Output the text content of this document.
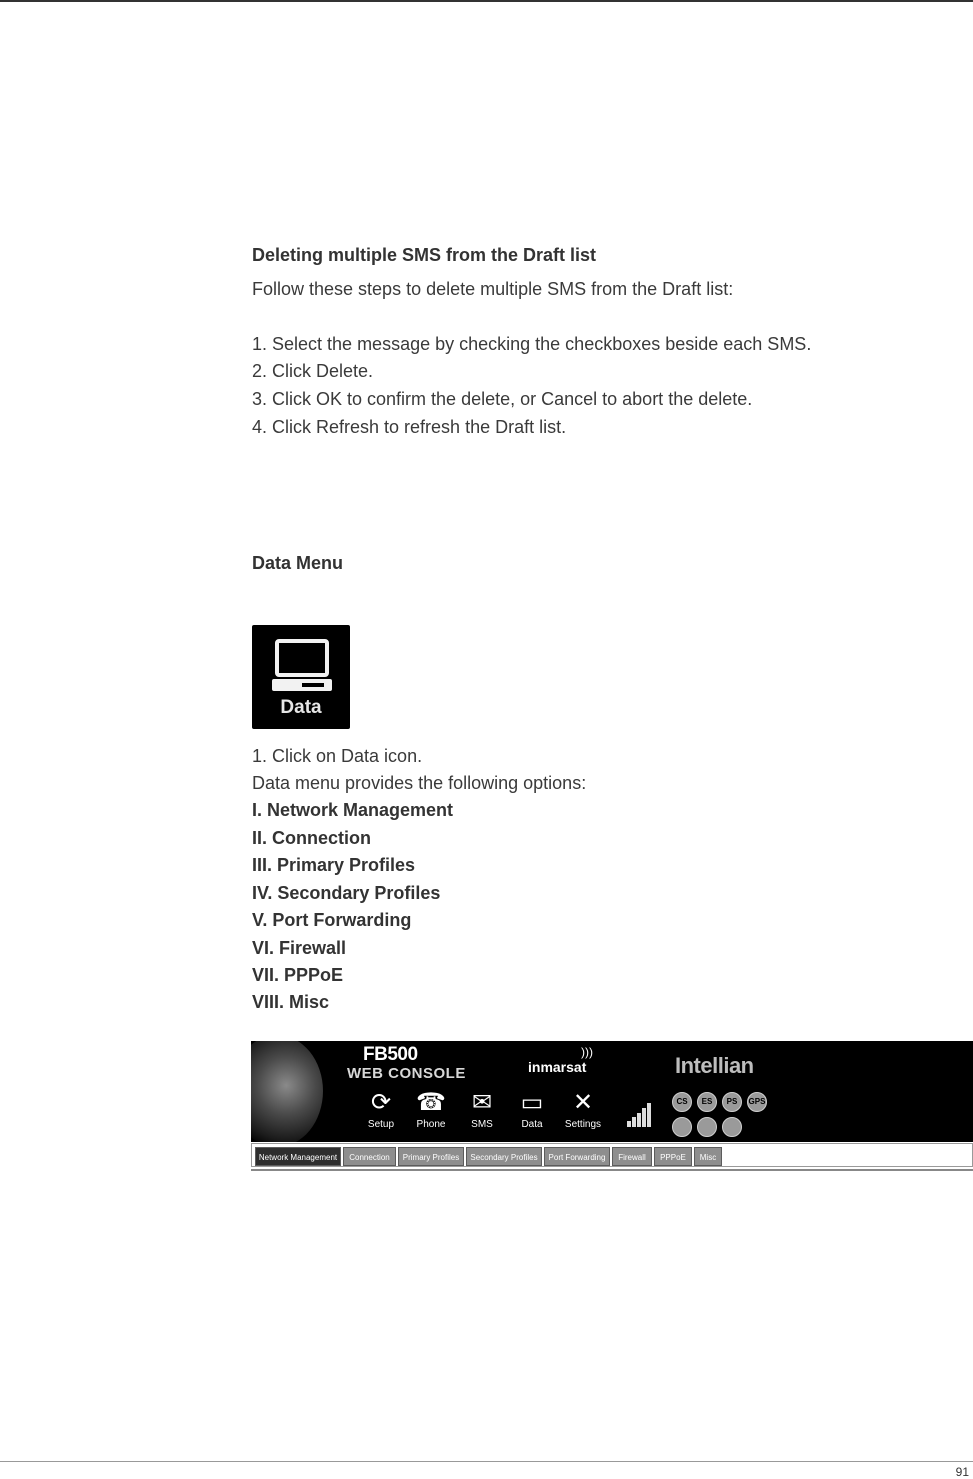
Deleting multiple SMS from the Draft list
Follow these steps to delete multiple SMS from the Draft list:
1. Select the message by checking the checkboxes beside each SMS.
2. Click Delete.
3. Click OK to confirm the delete, or Cancel to abort the delete.
4. Click Refresh to refresh the Draft list.
Data Menu
1. Click on Data icon.
Data menu provides the following options:
I. Network Management
II. Connection
III. Primary Profiles
IV. Secondary Profiles
V. Port Forwarding
VI. Firewall
VII. PPPoE
VIII. Misc
Data
FB500
WEB CONSOLE	inmarsat
)))
Intellian
⟳
Setup
☎
Phone
✉
SMS
▭
Data
✕
Settings
CS	ES	PS	GPS
Network Management	Connection	Primary Profiles	Secondary Profiles	Port Forwarding	Firewall	PPPoE	Misc
91
